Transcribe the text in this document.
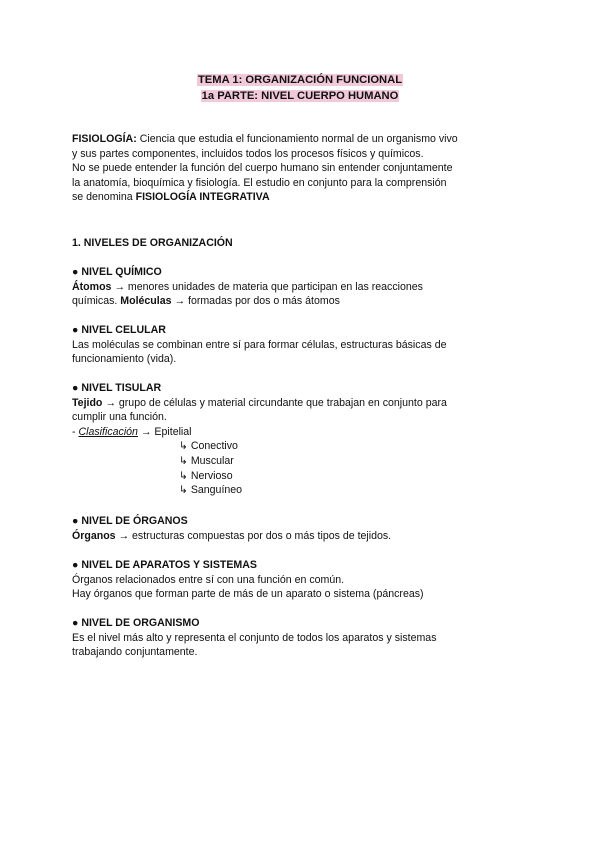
TEMA 1: ORGANIZACIÓN FUNCIONAL
1a PARTE: NIVEL CUERPO HUMANO

FISIOLOGÍA: Ciencia que estudia el funcionamiento normal de un organismo vivo

y sus partes componentes, incluidos todos los procesos físicos y químicos.

No se puede entender la función del cuerpo humano sin entender conjuntamente

la anatomía, bioquímica y fisiología. El estudio en conjunto para la comprensión

se denomina FISIOLOGÍA INTEGRATIVA

1. NIVELES DE ORGANIZACIÓN

● NIVEL QUÍMICO

Átomos → menores unidades de materia que participan en las reacciones

químicas. Moléculas → formadas por dos o más átomos

● NIVEL CELULAR

Las moléculas se combinan entre sí para formar células, estructuras básicas de

funcionamiento (vida).

● NIVEL TISULAR

Tejido → grupo de células y material circundante que trabajan en conjunto para

cumplir una función.

- Clasificación → Epitelial

↳ Conectivo

↳ Muscular

↳ Nervioso

↳ Sanguíneo

● NIVEL DE ÓRGANOS

Órganos → estructuras compuestas por dos o más tipos de tejidos.

● NIVEL DE APARATOS Y SISTEMAS

Órganos relacionados entre sí con una función en común.

Hay órganos que forman parte de más de un aparato o sistema (páncreas)

● NIVEL DE ORGANISMO

Es el nivel más alto y representa el conjunto de todos los aparatos y sistemas

trabajando conjuntamente.
